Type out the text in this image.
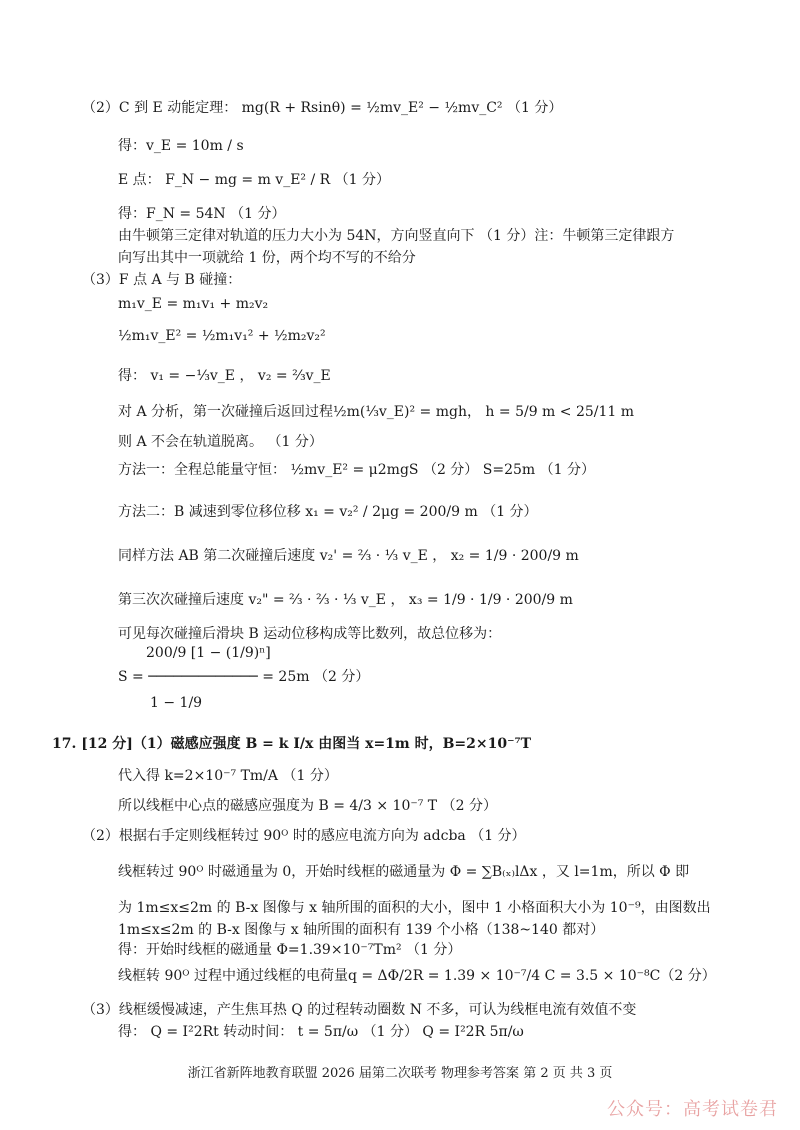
（2）C 到 E 动能定理： mg(R + Rsinθ) = ½mv_E² − ½mv_C² （1 分）
得：v_E = 10m / s
E 点： F_N − mg = m v_E² / R （1 分）
得：F_N = 54N （1 分）
由牛顿第三定律对轨道的压力大小为 54N，方向竖直向下 （1 分）注：牛顿第三定律跟方
向写出其中一项就给 1 份，两个均不写的不给分
（3）F 点 A 与 B 碰撞：
m₁v_E = m₁v₁ + m₂v₂
½m₁v_E² = ½m₁v₁² + ½m₂v₂²
得： v₁ = −⅓v_E ， v₂ = ⅔v_E
对 A 分析，第一次碰撞后返回过程½m(⅓v_E)² = mgh， h = 5/9 m < 25/11 m
则 A 不会在轨道脱离。 （1 分）
方法一：全程总能量守恒： ½mv_E² = μ2mgS （2 分） S=25m （1 分）
方法二：B 减速到零位移位移 x₁ = v₂² / 2μg = 200/9 m （1 分）
同样方法 AB 第二次碰撞后速度 v₂' = ⅔ · ⅓ v_E ， x₂ = 1/9 · 200/9 m
第三次次碰撞后速度 v₂" = ⅔ · ⅔ · ⅓ v_E ， x₃ = 1/9 · 1/9 · 200/9 m
可见每次碰撞后滑块 B 运动位移构成等比数列，故总位移为：
200/9 [1 − (1/9)ⁿ]
S = ───────────── = 25m （2 分）
1 − 1/9
17. [12 分]（1）磁感应强度 B = k I/x 由图当 x=1m 时，B=2×10⁻⁷T
代入得 k=2×10⁻⁷ Tm/A （1 分）
所以线框中心点的磁感应强度为 B = 4/3 × 10⁻⁷ T （2 分）
（2）根据右手定则线框转过 90ᴼ 时的感应电流方向为 adcba （1 分）
线框转过 90ᴼ 时磁通量为 0，开始时线框的磁通量为 Φ = ∑B₍ₓ₎lΔx ，又 l=1m，所以 Φ 即
为 1m≤x≤2m 的 B-x 图像与 x 轴所围的面积的大小，图中 1 小格面积大小为 10⁻⁹，由图数出
1m≤x≤2m 的 B-x 图像与 x 轴所围的面积有 139 个小格（138~140 都对）
得：开始时线框的磁通量 Φ=1.39×10⁻⁷Tm² （1 分）
线框转 90ᴼ 过程中通过线框的电荷量q = ΔΦ/2R = 1.39 × 10⁻⁷/4 C = 3.5 × 10⁻⁸C（2 分）
（3）线框缓慢减速，产生焦耳热 Q 的过程转动圈数 N 不多，可认为线框电流有效值不变
得： Q = I²2Rt 转动时间： t = 5π/ω （1 分） Q = I²2R 5π/ω
浙江省新阵地教育联盟 2026 届第二次联考 物理参考答案 第 2 页 共 3 页
公众号：高考试卷君
